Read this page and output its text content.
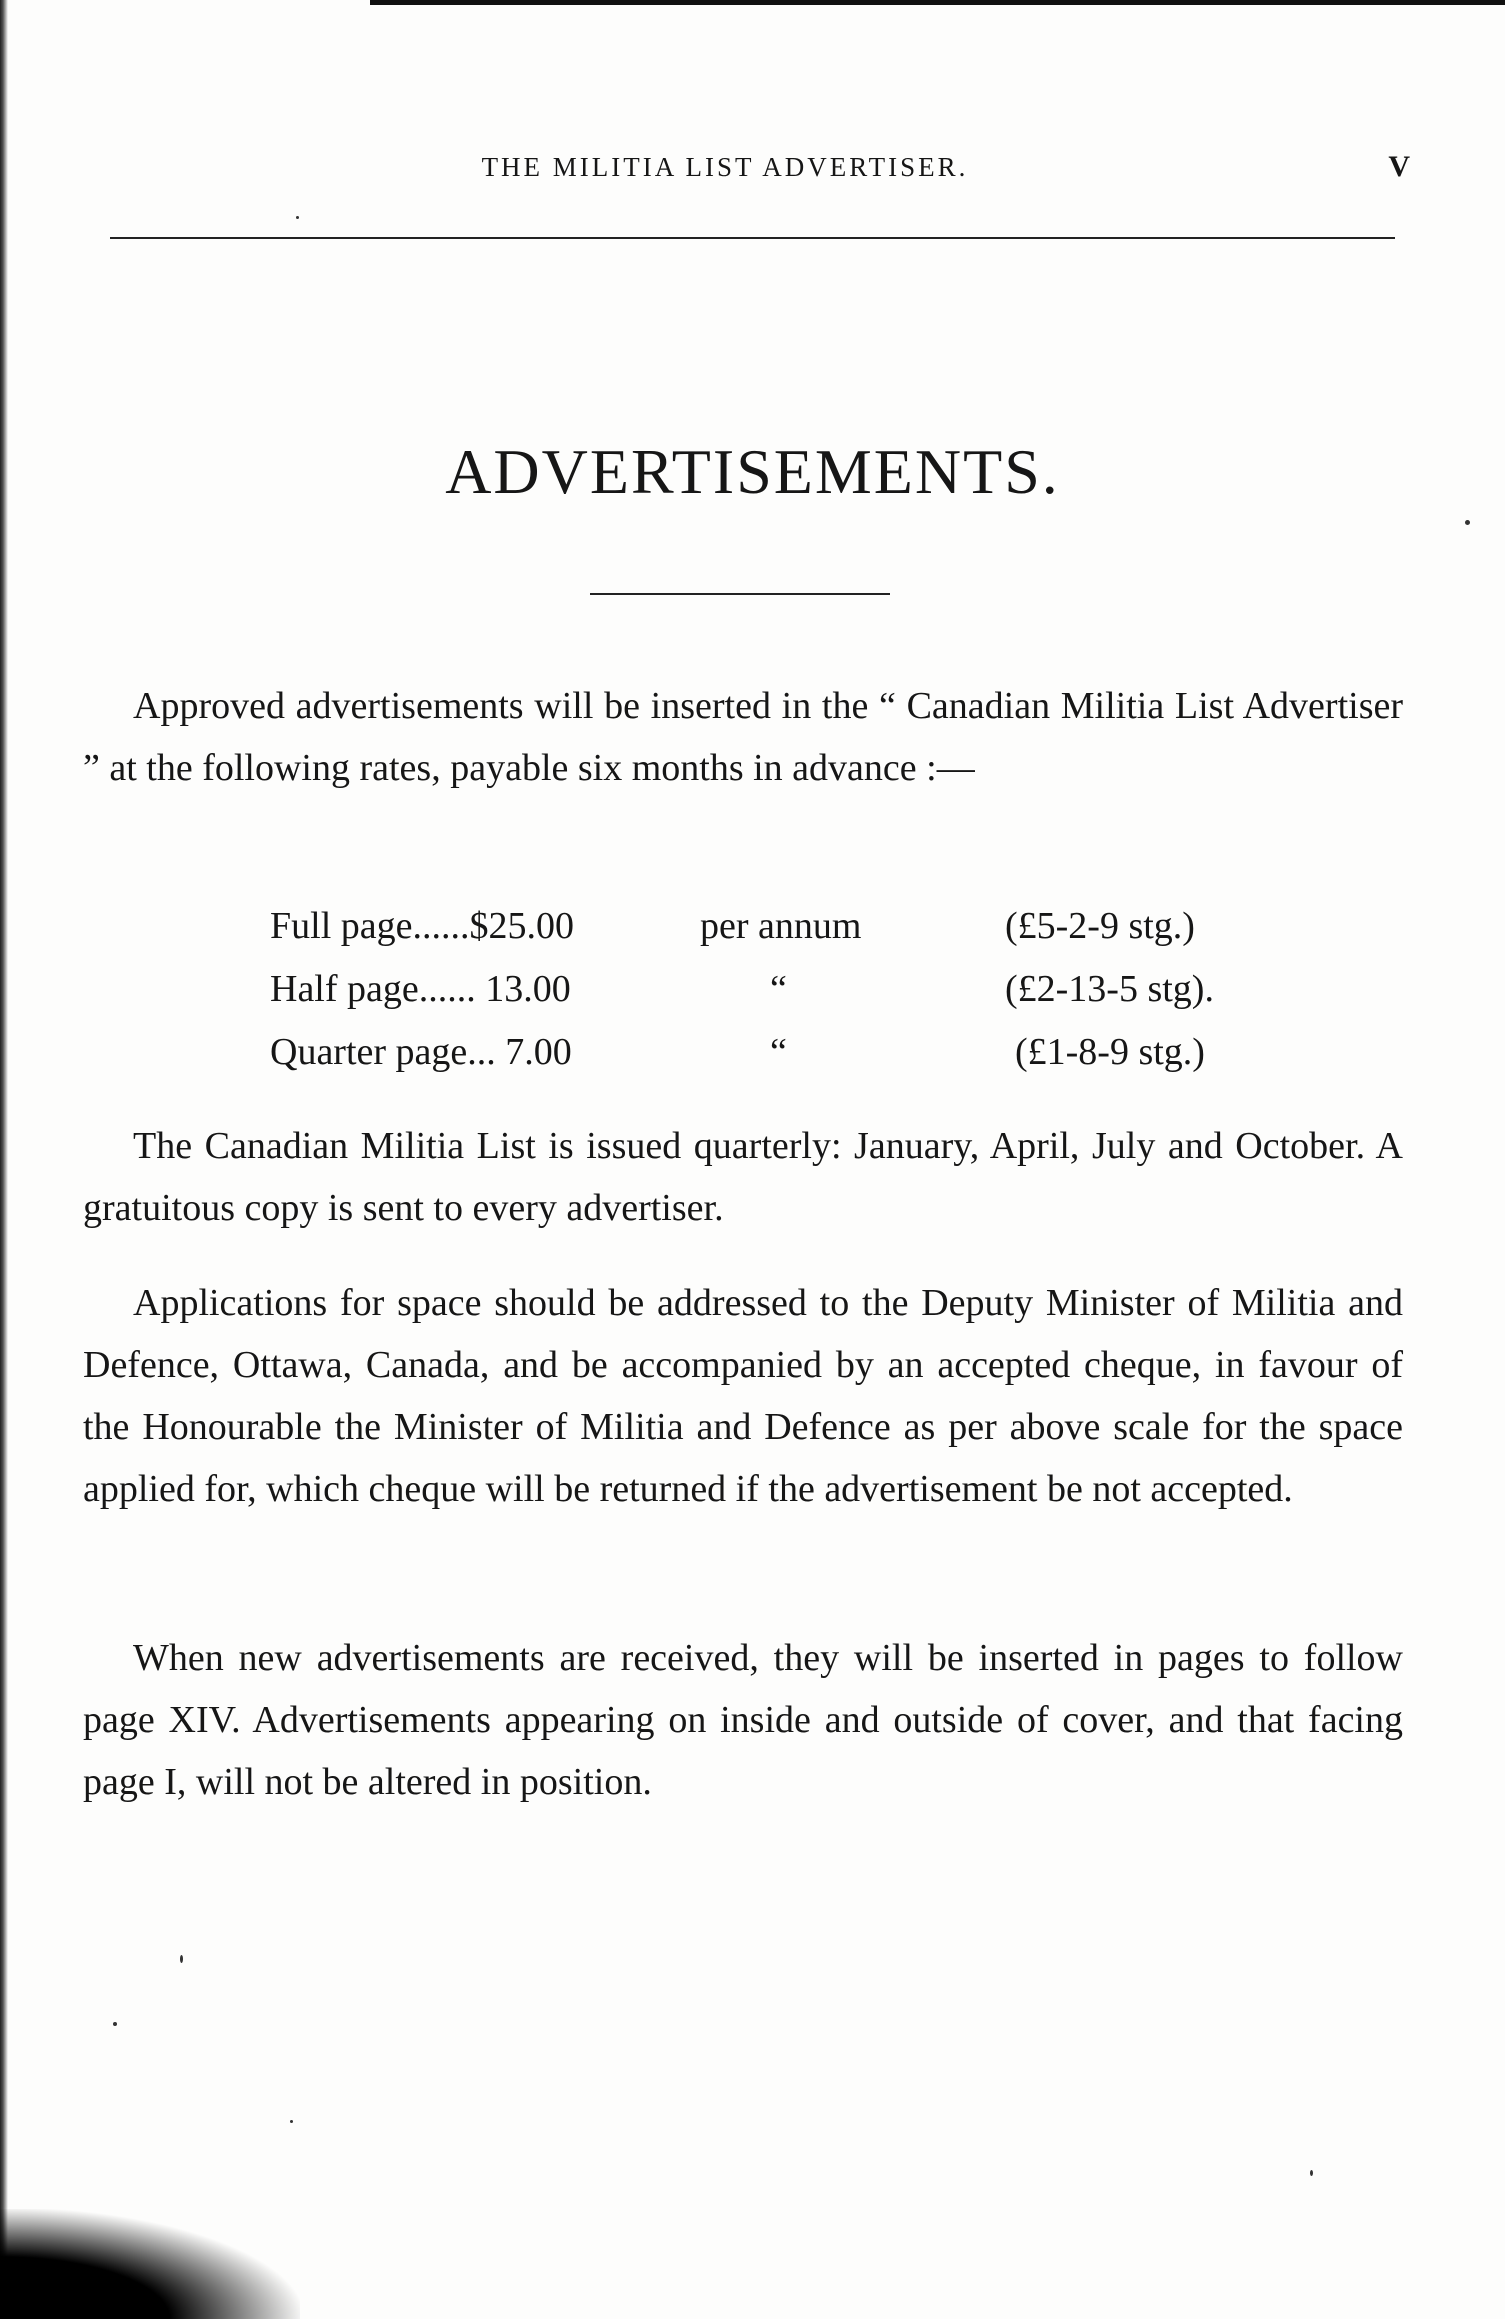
THE MILITIA LIST ADVERTISER.	V
ADVERTISEMENTS.

Approved advertisements will be inserted in the “ Canadian Militia List Advertiser ” at the following rates, payable six months in advance :—

Full page......$25.00	per annum	(£5-2-9 stg.)
Half page...... 13.00	“	(£2-13-5 stg).
Quarter page... 7.00	“	(£1-8-9 stg.)

The Canadian Militia List is issued quarterly: January, April, July and October. A gratuitous copy is sent to every advertiser.

Applications for space should be addressed to the Deputy Minister of Militia and Defence, Ottawa, Canada, and be accompanied by an accepted cheque, in favour of the Honourable the Minister of Militia and Defence as per above scale for the space applied for, which cheque will be returned if the advertisement be not accepted.

When new advertisements are received, they will be inserted in pages to follow page XIV. Advertisements appearing on inside and outside of cover, and that facing page I, will not be altered in position.
